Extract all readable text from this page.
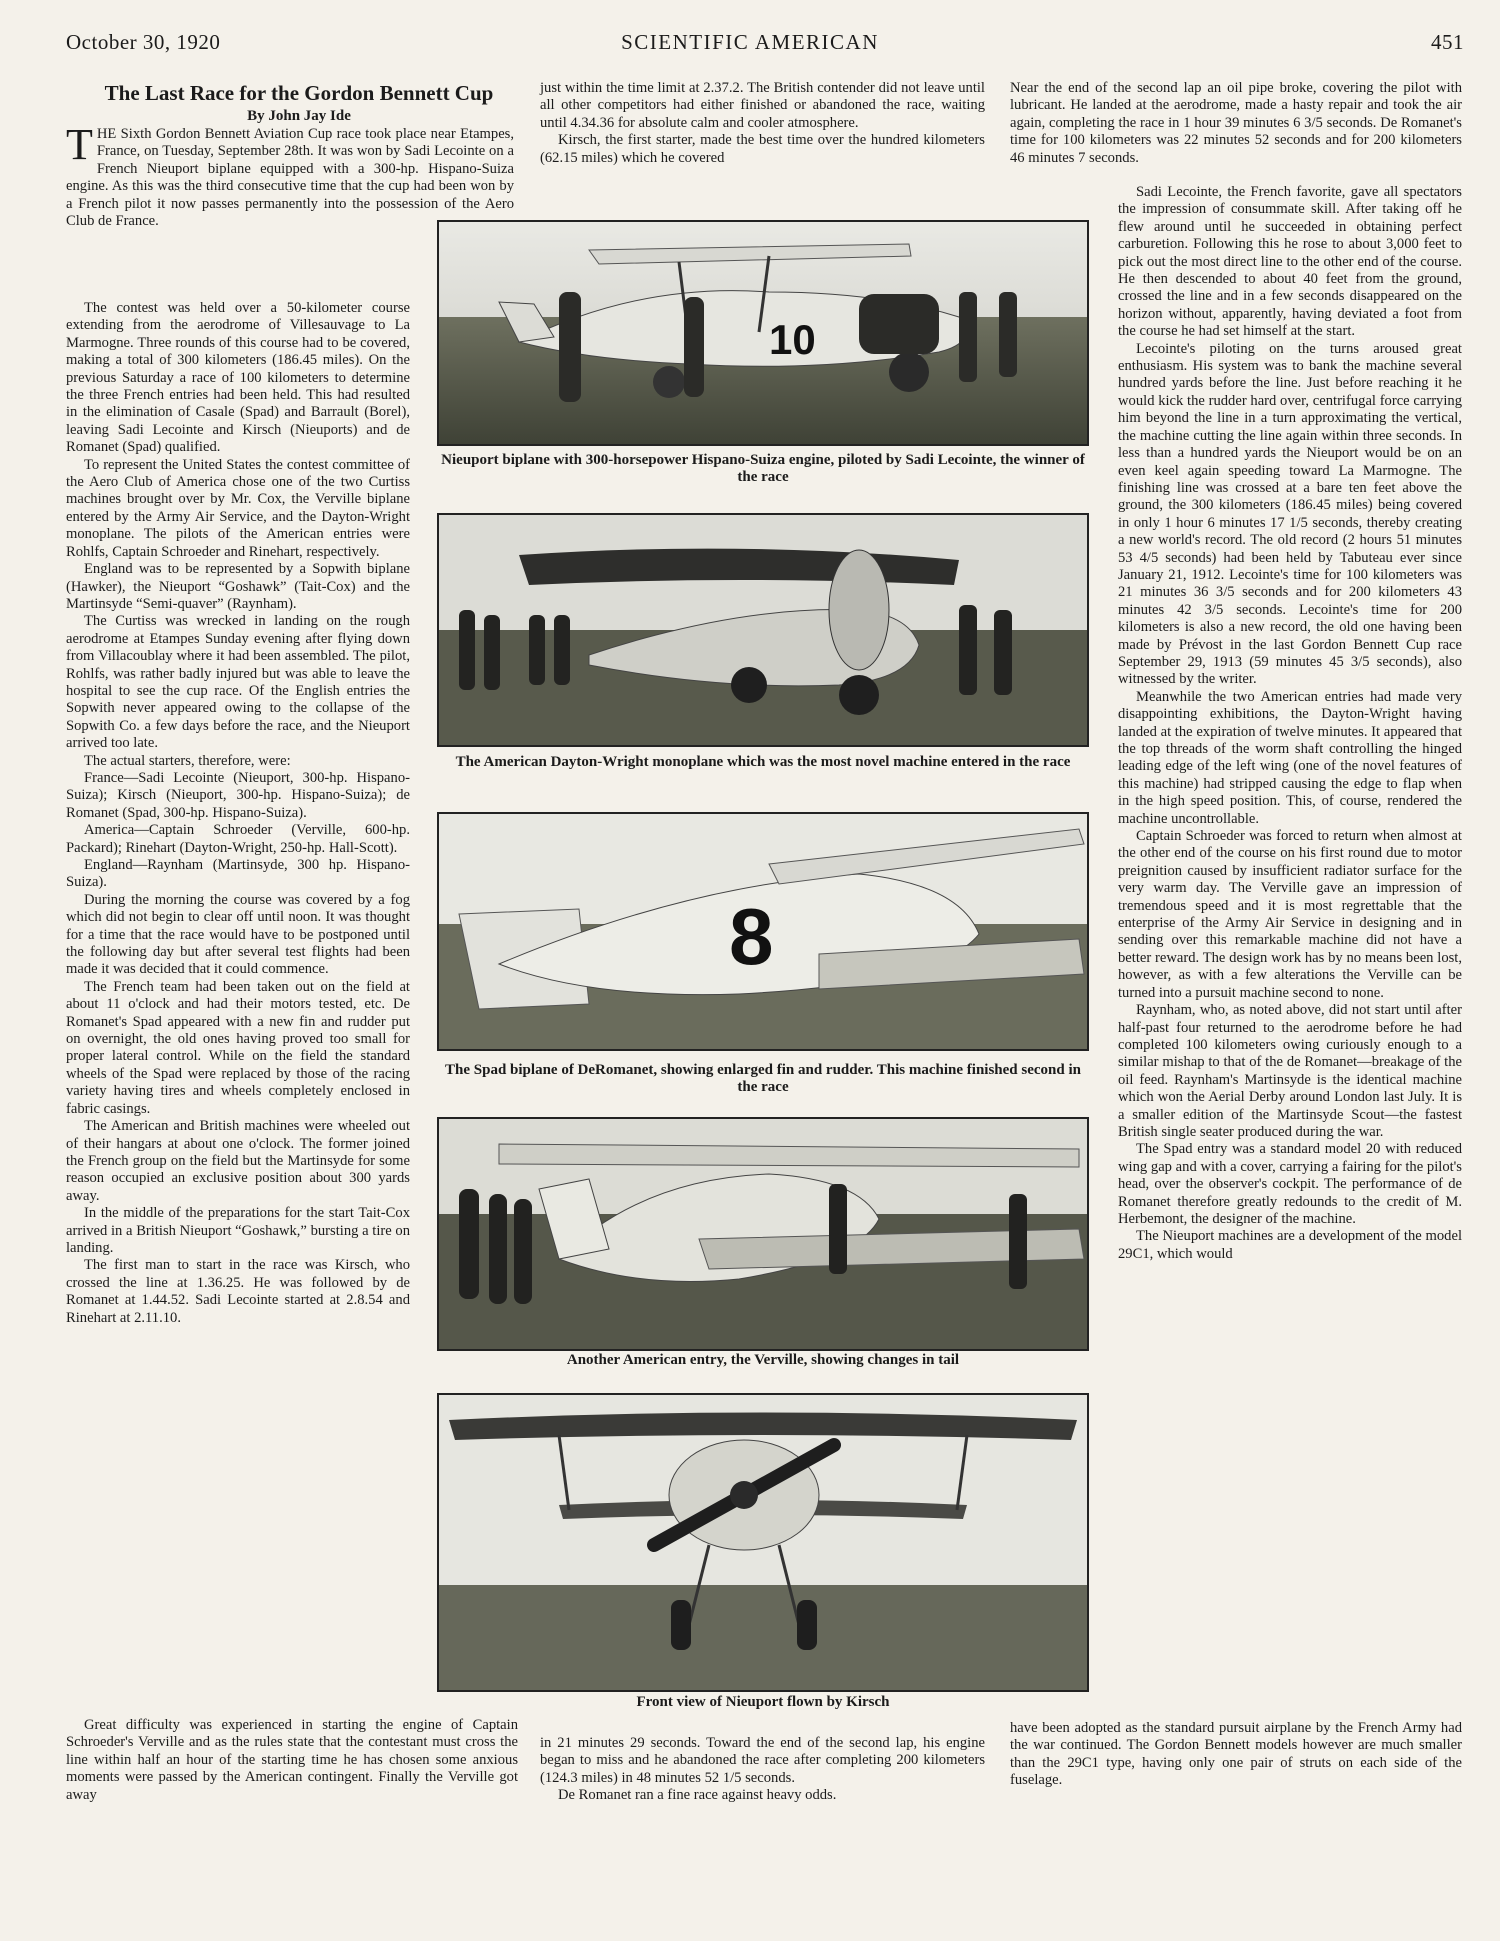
October 30, 1920	SCIENTIFIC AMERICAN	451

The Last Race for the Gordon Bennett Cup

By John Jay Ide

THE Sixth Gordon Bennett Aviation Cup race took place near Etampes, France, on Tuesday, September 28th. It was won by Sadi Lecointe on a French Nieuport biplane equipped with a 300-hp. Hispano-Suiza engine. As this was the third consecutive time that the cup had been won by a French pilot it now passes permanently into the possession of the Aero Club de France.

The contest was held over a 50-kilometer course extending from the aerodrome of Villesauvage to La Marmogne. Three rounds of this course had to be covered, making a total of 300 kilometers (186.45 miles). On the previous Saturday a race of 100 kilometers to determine the three French entries had been held. This had resulted in the elimination of Casale (Spad) and Barrault (Borel), leaving Sadi Lecointe and Kirsch (Nieuports) and de Romanet (Spad) qualified.

To represent the United States the contest committee of the Aero Club of America chose one of the two Curtiss machines brought over by Mr. Cox, the Verville biplane entered by the Army Air Service, and the Dayton-Wright monoplane. The pilots of the American entries were Rohlfs, Captain Schroeder and Rinehart, respectively.

England was to be represented by a Sopwith biplane (Hawker), the Nieuport “Goshawk” (Tait-Cox) and the Martinsyde “Semi-quaver” (Raynham).

The Curtiss was wrecked in landing on the rough aerodrome at Etampes Sunday evening after flying down from Villacoublay where it had been assembled. The pilot, Rohlfs, was rather badly injured but was able to leave the hospital to see the cup race. Of the English entries the Sopwith never appeared owing to the collapse of the Sopwith Co. a few days before the race, and the Nieuport arrived too late.

The actual starters, therefore, were:

France—Sadi Lecointe (Nieuport, 300-hp. Hispano-Suiza); Kirsch (Nieuport, 300-hp. Hispano-Suiza); de Romanet (Spad, 300-hp. Hispano-Suiza).

America—Captain Schroeder (Verville, 600-hp. Packard); Rinehart (Dayton-Wright, 250-hp. Hall-Scott).

England—Raynham (Martinsyde, 300 hp. Hispano-Suiza).

During the morning the course was covered by a fog which did not begin to clear off until noon. It was thought for a time that the race would have to be postponed until the following day but after several test flights had been made it was decided that it could commence.

The French team had been taken out on the field at about 11 o'clock and had their motors tested, etc. De Romanet's Spad appeared with a new fin and rudder put on overnight, the old ones having proved too small for proper lateral control. While on the field the standard wheels of the Spad were replaced by those of the racing variety having tires and wheels completely enclosed in fabric casings.

The American and British machines were wheeled out of their hangars at about one o'clock. The former joined the French group on the field but the Martinsyde for some reason occupied an exclusive position about 300 yards away.

In the middle of the preparations for the start Tait-Cox arrived in a British Nieuport “Goshawk,” bursting a tire on landing.

The first man to start in the race was Kirsch, who crossed the line at 1.36.25. He was followed by de Romanet at 1.44.52. Sadi Lecointe started at 2.8.54 and Rinehart at 2.11.10.

Great difficulty was experienced in starting the engine of Captain Schroeder's Verville and as the rules state that the contestant must cross the line within half an hour of the starting time he has chosen some anxious moments were passed by the American contingent. Finally the Verville got away

just within the time limit at 2.37.2. The British contender did not leave until all other competitors had either finished or abandoned the race, waiting until 4.34.36 for absolute calm and cooler atmosphere.

Kirsch, the first starter, made the best time over the hundred kilometers (62.15 miles) which he covered

in 21 minutes 29 seconds. Toward the end of the second lap, his engine began to miss and he abandoned the race after completing 200 kilometers (124.3 miles) in 48 minutes 52 1/5 seconds.

De Romanet ran a fine race against heavy odds.

Near the end of the second lap an oil pipe broke, covering the pilot with lubricant. He landed at the aerodrome, made a hasty repair and took the air again, completing the race in 1 hour 39 minutes 6 3/5 seconds. De Romanet's time for 100 kilometers was 22 minutes 52 seconds and for 200 kilometers 46 minutes 7 seconds.

Sadi Lecointe, the French favorite, gave all spectators the impression of consummate skill. After taking off he flew around until he succeeded in obtaining perfect carburetion. Following this he rose to about 3,000 feet to pick out the most direct line to the other end of the course. He then descended to about 40 feet from the ground, crossed the line and in a few seconds disappeared on the horizon without, apparently, having deviated a foot from the course he had set himself at the start.

Lecointe's piloting on the turns aroused great enthusiasm. His system was to bank the machine several hundred yards before the line. Just before reaching it he would kick the rudder hard over, centrifugal force carrying him beyond the line in a turn approximating the vertical, the machine cutting the line again within three seconds. In less than a hundred yards the Nieuport would be on an even keel again speeding toward La Marmogne. The finishing line was crossed at a bare ten feet above the ground, the 300 kilometers (186.45 miles) being covered in only 1 hour 6 minutes 17 1/5 seconds, thereby creating a new world's record. The old record (2 hours 51 minutes 53 4/5 seconds) had been held by Tabuteau ever since January 21, 1912. Lecointe's time for 100 kilometers was 21 minutes 36 3/5 seconds and for 200 kilometers 43 minutes 42 3/5 seconds. Lecointe's time for 200 kilometers is also a new record, the old one having been made by Prévost in the last Gordon Bennett Cup race September 29, 1913 (59 minutes 45 3/5 seconds), also witnessed by the writer.

Meanwhile the two American entries had made very disappointing exhibitions, the Dayton-Wright having landed at the expiration of twelve minutes. It appeared that the top threads of the worm shaft controlling the hinged leading edge of the left wing (one of the novel features of this machine) had stripped causing the edge to flap when in the high speed position. This, of course, rendered the machine uncontrollable.

Captain Schroeder was forced to return when almost at the other end of the course on his first round due to motor preignition caused by insufficient radiator surface for the very warm day. The Verville gave an impression of tremendous speed and it is most regrettable that the enterprise of the Army Air Service in designing and in sending over this remarkable machine did not have a better reward. The design work has by no means been lost, however, as with a few alterations the Verville can be turned into a pursuit machine second to none.

Raynham, who, as noted above, did not start until after half-past four returned to the aerodrome before he had completed 100 kilometers owing curiously enough to a similar mishap to that of the de Romanet—breakage of the oil feed. Raynham's Martinsyde is the identical machine which won the Aerial Derby around London last July. It is a smaller edition of the Martinsyde Scout—the fastest British single seater produced during the war.

The Spad entry was a standard model 20 with reduced wing gap and with a cover, carrying a fairing for the pilot's head, over the observer's cockpit. The performance of de Romanet therefore greatly redounds to the credit of M. Herbemont, the designer of the machine.

The Nieuport machines are a development of the model 29C1, which would

have been adopted as the standard pursuit airplane by the French Army had the war continued. The Gordon Bennett models however are much smaller than the 29C1 type, having only one pair of struts on each side of the fuselage.

10
Nieuport biplane with 300-horsepower Hispano-Suiza engine, piloted by Sadi Lecointe, the winner of the race
The American Dayton-Wright monoplane which was the most novel machine entered in the race
8
The Spad biplane of DeRomanet, showing enlarged fin and rudder. This machine finished second in the race
Another American entry, the Verville, showing changes in tail
Front view of Nieuport flown by Kirsch
